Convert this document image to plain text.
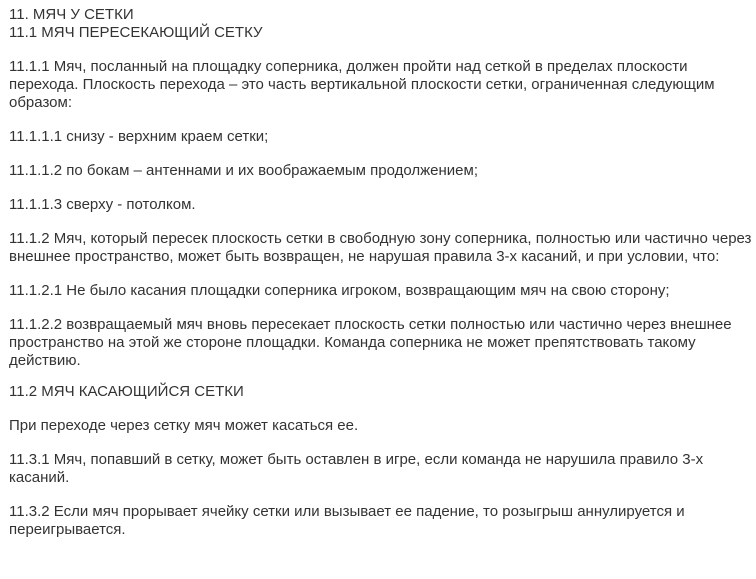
11. МЯЧ У СЕТКИ
11.1 МЯЧ ПЕРЕСЕКАЮЩИЙ СЕТКУ

11.1.1 Мяч, посланный на площадку соперника, должен пройти над сеткой в пределах плоскости перехода. Плоскость перехода – это часть вертикальной плоскости сетки, ограниченная следующим образом:

11.1.1.1 снизу - верхним краем сетки;

11.1.1.2 по бокам – антеннами и их воображаемым продолжением;

11.1.1.3 сверху - потолком.

11.1.2 Мяч, который пересек плоскость сетки в свободную зону соперника, полностью или частично через внешнее пространство, может быть возвращен, не нарушая правила 3-х касаний, и при условии, что:

11.1.2.1 Не было касания площадки соперника игроком, возвращающим мяч на свою сторону;

11.1.2.2 возвращаемый мяч вновь пересекает плоскость сетки полностью или частично через внешнее пространство на этой же стороне площадки. Команда соперника не может препятствовать такому действию.

11.2 МЯЧ КАСАЮЩИЙСЯ СЕТКИ

При переходе через сетку мяч может касаться ее.

11.3.1 Мяч, попавший в сетку, может быть оставлен в игре, если команда не нарушила правило 3-х касаний.

11.3.2 Если мяч прорывает ячейку сетки или вызывает ее падение, то розыгрыш аннулируется и переигрывается.
